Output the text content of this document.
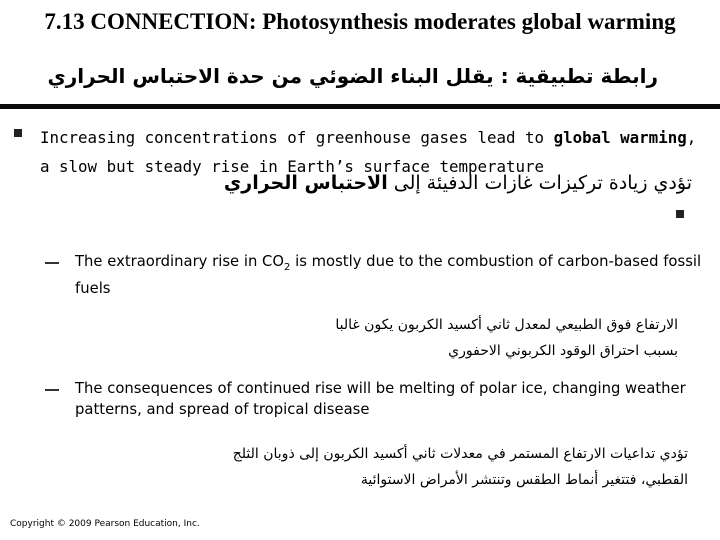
7.13 CONNECTION: Photosynthesis moderates global warming
رابطة تطبيقية : يقلل البناء الضوئي من حدة الاحتباس الحراري
Increasing concentrations of greenhouse gases lead to global warming, a slow but steady rise in Earth’s surface temperature
تؤدي زيادة تركيزات غازات الدفيئة إلى الاحتباس الحراري
The extraordinary rise in $CO_2$ is mostly due to the combustion of carbon-based fossil fuels
الارتفاع فوق الطبيعي لمعدل ثاني أكسيد الكربون يكون غالبا بسبب احتراق الوقود الكربوني الاحفوري
The consequences of continued rise will be melting of polar ice, changing weather patterns, and spread of tropical disease
تؤدي تداعيات الارتفاع المستمر في معدلات ثاني أكسيد الكربون إلى ذوبان الثلج القطبي، فتتغير أنماط الطقس وتنتشر الأمراض الاستوائية
Copyright © 2009 Pearson Education, Inc.
